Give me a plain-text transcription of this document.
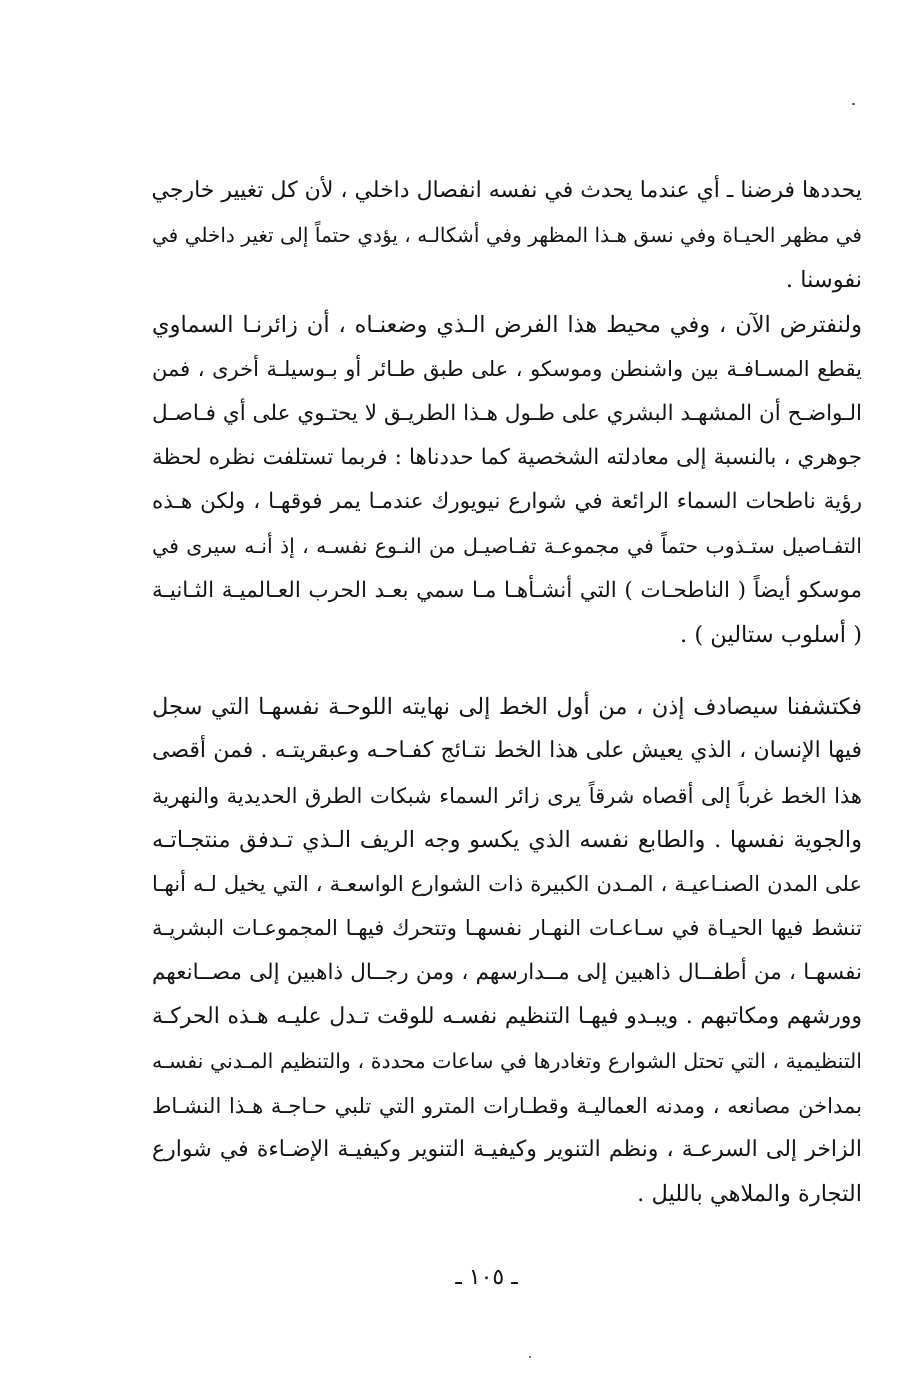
يحددها فرضنا ـ أي عندما يحدث في نفسه انفصال داخلي ، لأن كل تغيير خارجي
في مظهر الحيـاة وفي نسق هـذا المظهر وفي أشكالـه ، يؤدي حتماً إلى تغير داخلي في
نفوسنا .
ولنفترض الآن ، وفي محيط هذا الفرض الـذي وضعنـاه ، أن زائرنـا السماوي
يقطع المسـافـة بين واشنطن وموسكو ، على طبق طـائر أو بـوسيلـة أخرى ، فمن
الـواضـح أن المشهـد البشري على طـول هـذا الطريـق لا يحتـوي على أي فـاصـل
جوهري ، بالنسبة إلى معادلته الشخصية كما حددناها : فربما تستلفت نظره لحظة
رؤية ناطحات السماء الرائعة في شوارع نيويورك عندمـا يمر فوقهـا ، ولكن هـذه
التفـاصيل ستـذوب حتماً في مجموعـة تفـاصيـل من النـوع نفسـه ، إذ أنـه سيرى في
موسكو أيضاً ( الناطحـات ) التي أنشـأهـا مـا سمي بعـد الحرب العـالميـة الثـانيـة
( أسلوب ستالين ) .
فكتشفنا سيصادف إذن ، من أول الخط إلى نهايته اللوحـة نفسهـا التي سجل
فيها الإنسان ، الذي يعيش على هذا الخط نتـائج كفـاحـه وعبقريتـه . فمن أقصى
هذا الخط غرباً إلى أقصاه شرقاً يرى زائر السماء شبكات الطرق الحديدية والنهرية
والجوية نفسها . والطابع نفسه الذي يكسو وجه الريف الـذي تـدفق منتجـاتـه
على المدن الصنـاعيـة ، المـدن الكبيرة ذات الشوارع الواسعـة ، التي يخيل لـه أنهـا
تنشط فيها الحيـاة في سـاعـات النهـار نفسهـا وتتحرك فيهـا المجموعـات البشريـة
نفسهـا ، من أطفــال ذاهبين إلى مــدارسهم ، ومن رجــال ذاهبين إلى مصــانعهم
وورشهم ومكاتبهم . ويبـدو فيهـا التنظيم نفسـه للوقت تـدل عليـه هـذه الحركـة
التنظيمية ، التي تحتل الشوارع وتغادرها في ساعات محددة ، والتنظيم المـدني نفسـه
بمداخن مصانعه ، ومدنه العماليـة وقطـارات المترو التي تلبي حـاجـة هـذا النشـاط
الزاخر إلى السرعـة ، ونظم التنوير وكيفيـة التنوير وكيفيـة الإضـاءة في شوارع
التجارة والملاهي بالليل .
ـ ١٠٥ ـ
